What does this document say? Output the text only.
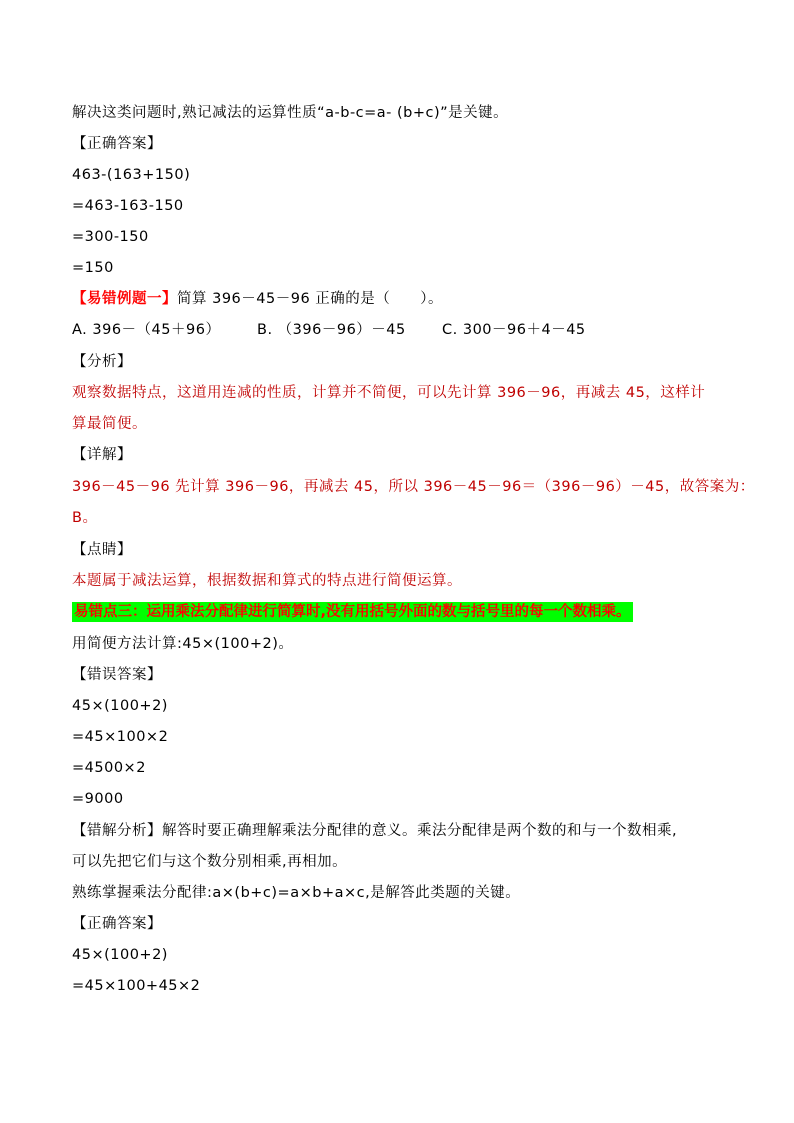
解决这类问题时,熟记减法的运算性质“a-b-c=a- (b+c)”是关键。
【正确答案】
463-(163+150)
=463-163-150
=300-150
=150
【易错例题一】简算 396－45－96 正确的是（　　）。
A. 396－（45＋96）	B. （396－96）－45	C. 300－96＋4－45
【分析】
观察数据特点，这道用连减的性质，计算并不简便，可以先计算 396－96，再减去 45，这样计
算最简便。
【详解】
396－45－96 先计算 396－96，再减去 45，所以 396－45－96＝（396－96）－45，故答案为：
B。
【点睛】
本题属于减法运算，根据数据和算式的特点进行简便运算。
易错点三：运用乘法分配律进行简算时,没有用括号外面的数与括号里的每一个数相乘。
用简便方法计算:45×(100+2)。
【错误答案】
45×(100+2)
=45×100×2
=4500×2
=9000
【错解分析】解答时要正确理解乘法分配律的意义。乘法分配律是两个数的和与一个数相乘,
可以先把它们与这个数分别相乘,再相加。
熟练掌握乘法分配律:a×(b+c)=a×b+a×c,是解答此类题的关键。
【正确答案】
45×(100+2)
=45×100+45×2
